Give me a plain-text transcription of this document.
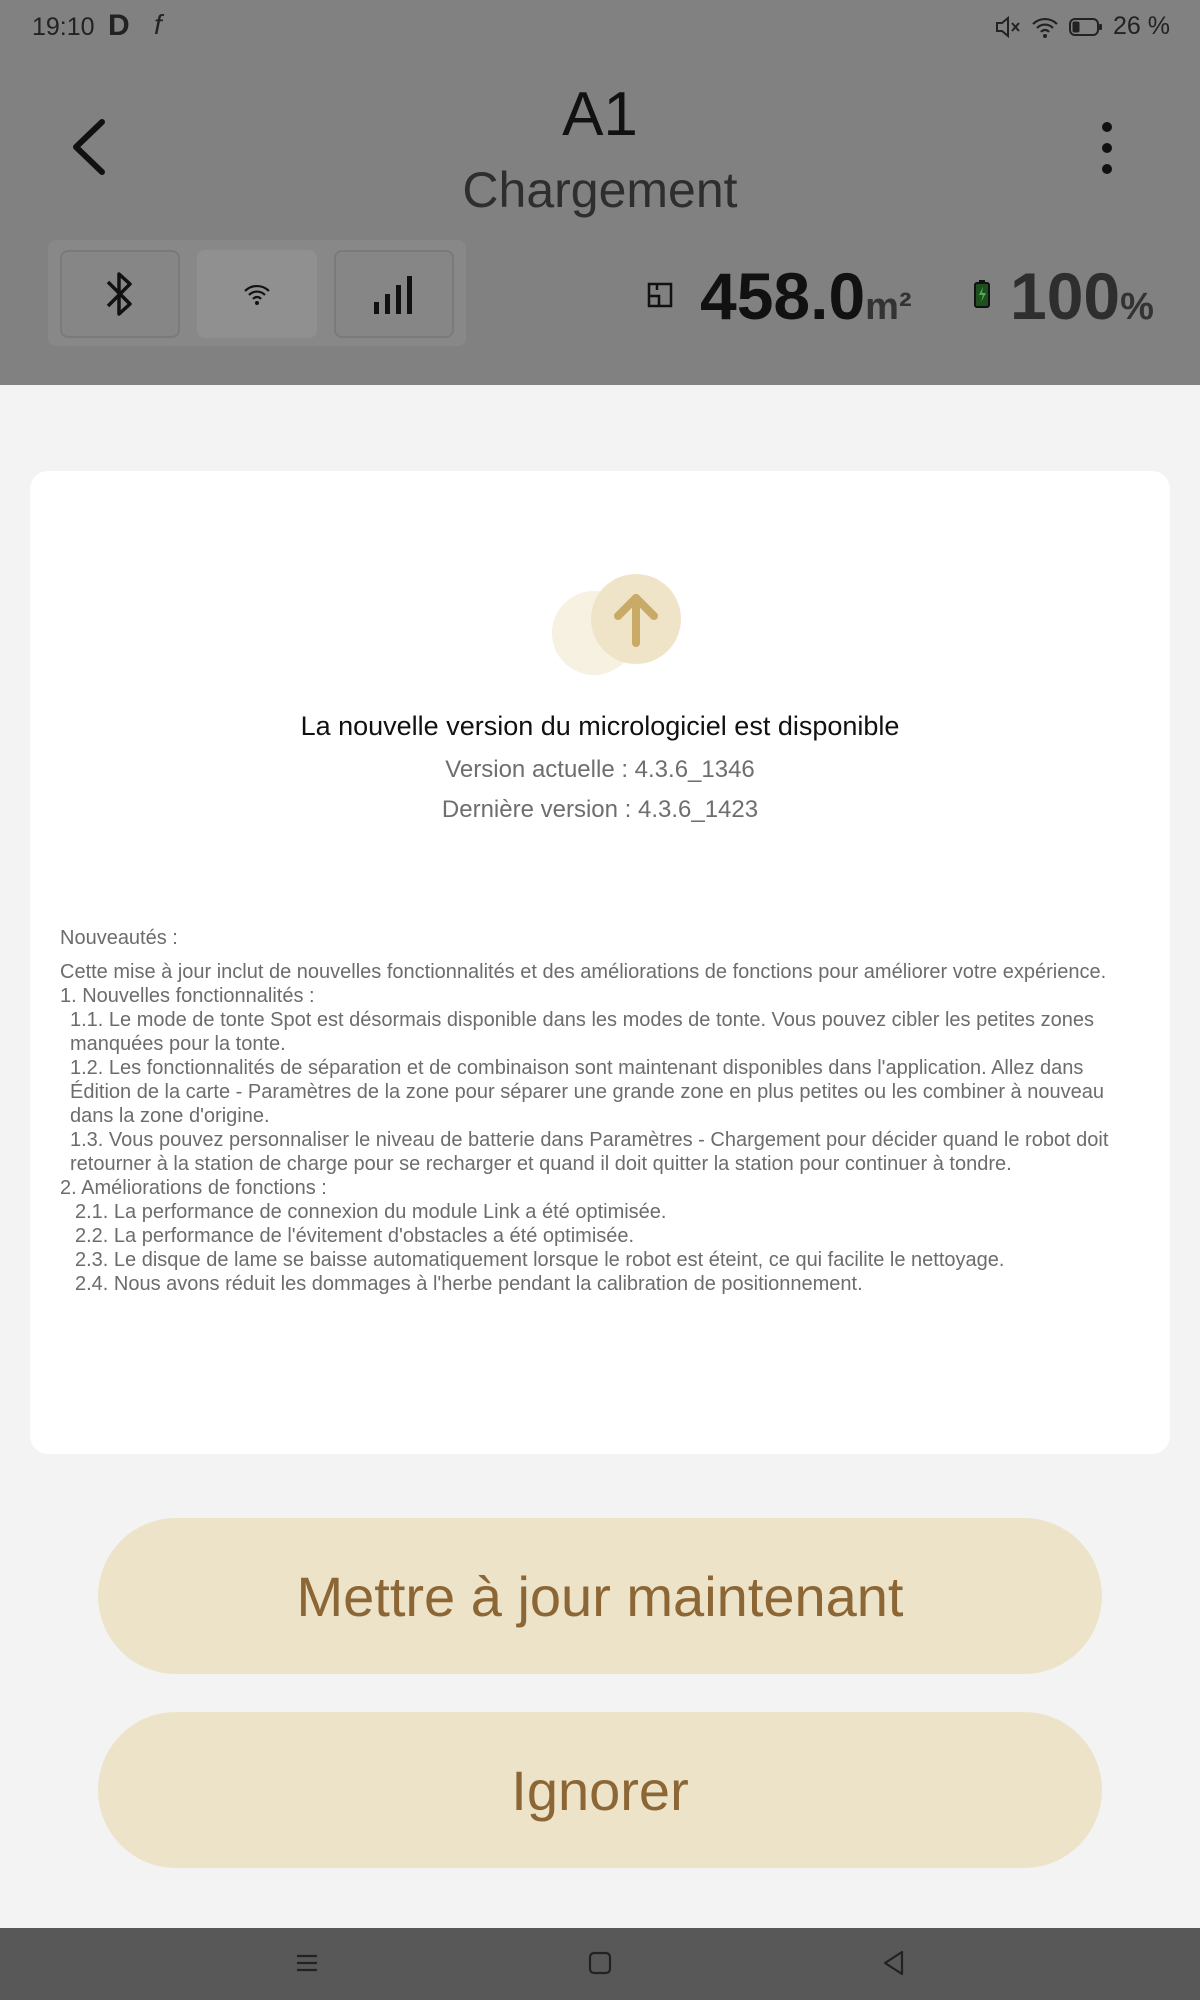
19:10 D f	26 %
A1
Chargement
458.0m² 100%
La nouvelle version du micrologiciel est disponible
Version actuelle : 4.3.6_1346
Dernière version : 4.3.6_1423
Nouveautés :

Cette mise à jour inclut de nouvelles fonctionnalités et des améliorations de fonctions pour améliorer votre expérience.

1. Nouvelles fonctionnalités :

1.1. Le mode de tonte Spot est désormais disponible dans les modes de tonte. Vous pouvez cibler les petites zones manquées pour la tonte.

1.2. Les fonctionnalités de séparation et de combinaison sont maintenant disponibles dans l'application. Allez dans Édition de la carte - Paramètres de la zone pour séparer une grande zone en plus petites ou les combiner à nouveau dans la zone d'origine.

1.3. Vous pouvez personnaliser le niveau de batterie dans Paramètres - Chargement pour décider quand le robot doit retourner à la station de charge pour se recharger et quand il doit quitter la station pour continuer à tondre.

2. Améliorations de fonctions :

2.1. La performance de connexion du module Link a été optimisée.

2.2. La performance de l'évitement d'obstacles a été optimisée.

2.3. Le disque de lame se baisse automatiquement lorsque le robot est éteint, ce qui facilite le nettoyage.

2.4. Nous avons réduit les dommages à l'herbe pendant la calibration de positionnement.

Mettre à jour maintenant
Ignorer
